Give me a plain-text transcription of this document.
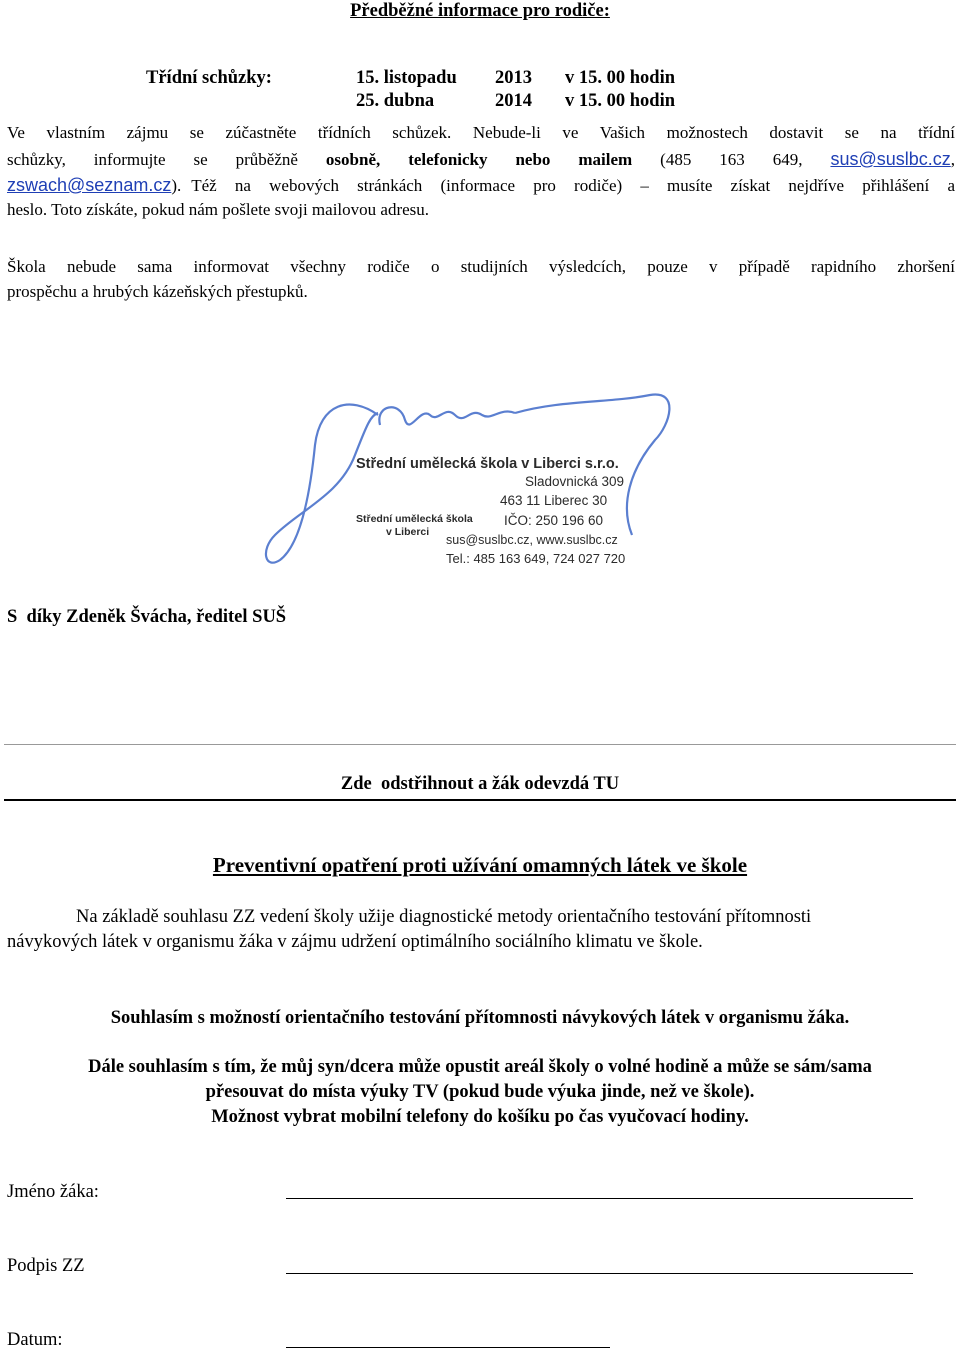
Předběžné informace pro rodiče:
Třídní schůzky:	15. listopadu 2013 v 15. 00 hodin
25. dubna	2014 v 15. 00 hodin
Ve vlastním zájmu se zúčastněte třídních schůzek. Nebude-li ve Vašich možnostech dostavit se na třídní
schůzky, informujte se průběžně osobně, telefonicky nebo mailem (485 163 649, sus@suslbc.cz,
zswach@seznam.cz ). Též na webových stránkách (informace pro rodiče) – musíte získat nejdříve přihlášení a
heslo. Toto získáte, pokud nám pošlete svoji mailovou adresu.
Škola nebude sama informovat všechny rodiče o studijních výsledcích, pouze v případě rapidního zhoršení
prospěchu a hrubých kázeňských přestupků.
Střední umělecká škola v Liberci s.r.o.
Sladovnická 309
463 11 Liberec 30
IČO: 250 196 60
Střední umělecká škola
v Liberci
sus@suslbc.cz, www.suslbc.cz
Tel.: 485 163 649, 724 027 720
S  díky Zdeněk Švácha, ředitel SUŠ
Zde  odstřihnout a žák odevzdá TU
Preventivní opatření proti užívání omamných látek ve škole
Na základě souhlasu ZZ vedení školy užije diagnostické metody orientačního testování přítomnosti
návykových látek v organismu žáka v zájmu udržení optimálního sociálního klimatu ve škole.
Souhlasím s možností orientačního testování přítomnosti návykových látek v organismu žáka.
Dále souhlasím s tím, že můj syn/dcera může opustit areál školy o volné hodině a může se sám/sama
přesouvat do místa výuky TV (pokud bude výuka jinde, než ve škole).
Možnost vybrat mobilní telefony do košíku po čas vyučovací hodiny.
Jméno žáka:
Podpis ZZ
Datum:
